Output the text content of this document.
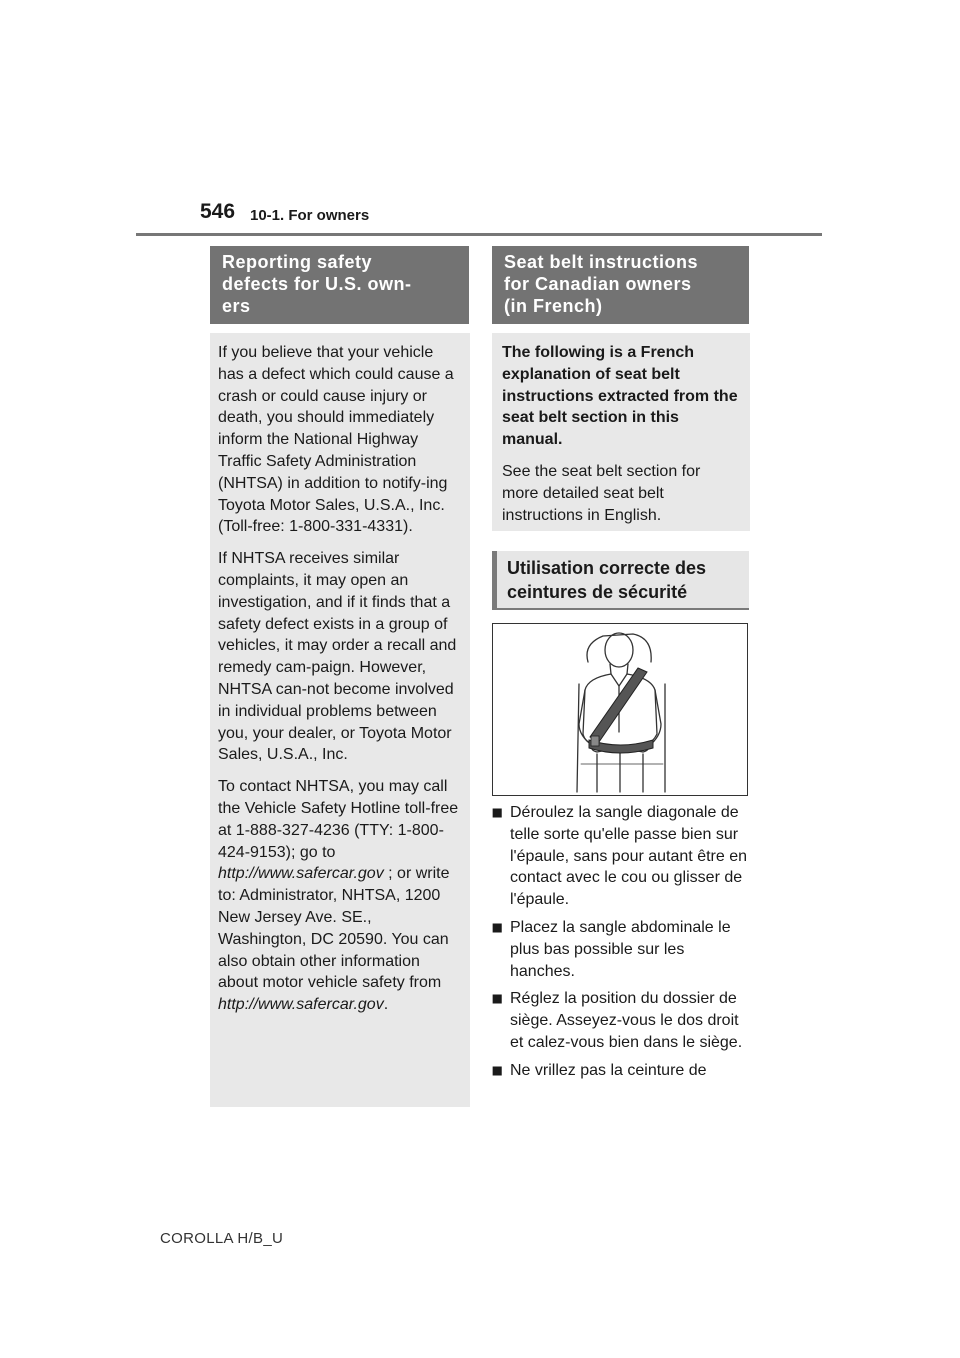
546 10-1. For owners
Reporting safety
defects for U.S. own-
ers

If you believe that your vehicle has a defect which could cause a crash or could cause injury or death, you should immediately inform the National Highway Traffic Safety Administration (NHTSA) in addition to notify-ing Toyota Motor Sales, U.S.A., Inc. (Toll-free: 1-800-331-4331).

If NHTSA receives similar complaints, it may open an investigation, and if it finds that a safety defect exists in a group of vehicles, it may order a recall and remedy cam-paign. However, NHTSA can-not become involved in individual problems between you, your dealer, or Toyota Motor Sales, U.S.A., Inc.

To contact NHTSA, you may call the Vehicle Safety Hotline toll-free at 1-888-327-4236 (TTY: 1-800-424-9153); go to http://www.safercar.gov ; or write to: Administrator, NHTSA, 1200 New Jersey Ave. SE., Washington, DC 20590. You can also obtain other information about motor vehicle safety from http://www.safercar.gov.

Seat belt instructions
for Canadian owners
(in French)

The following is a French explanation of seat belt instructions extracted from the seat belt section in this manual.

See the seat belt section for more detailed seat belt instructions in English.

Utilisation correcte des
ceintures de sécurité
⯀ Déroulez la sangle diagonale de telle sorte qu'elle passe bien sur l'épaule, sans pour autant être en contact avec le cou ou glisser de l'épaule.
⯀ Placez la sangle abdominale le plus bas possible sur les hanches.
⯀ Réglez la position du dossier de siège. Asseyez-vous le dos droit et calez-vous bien dans le siège.
⯀ Ne vrillez pas la ceinture de
COROLLA H/B_U
